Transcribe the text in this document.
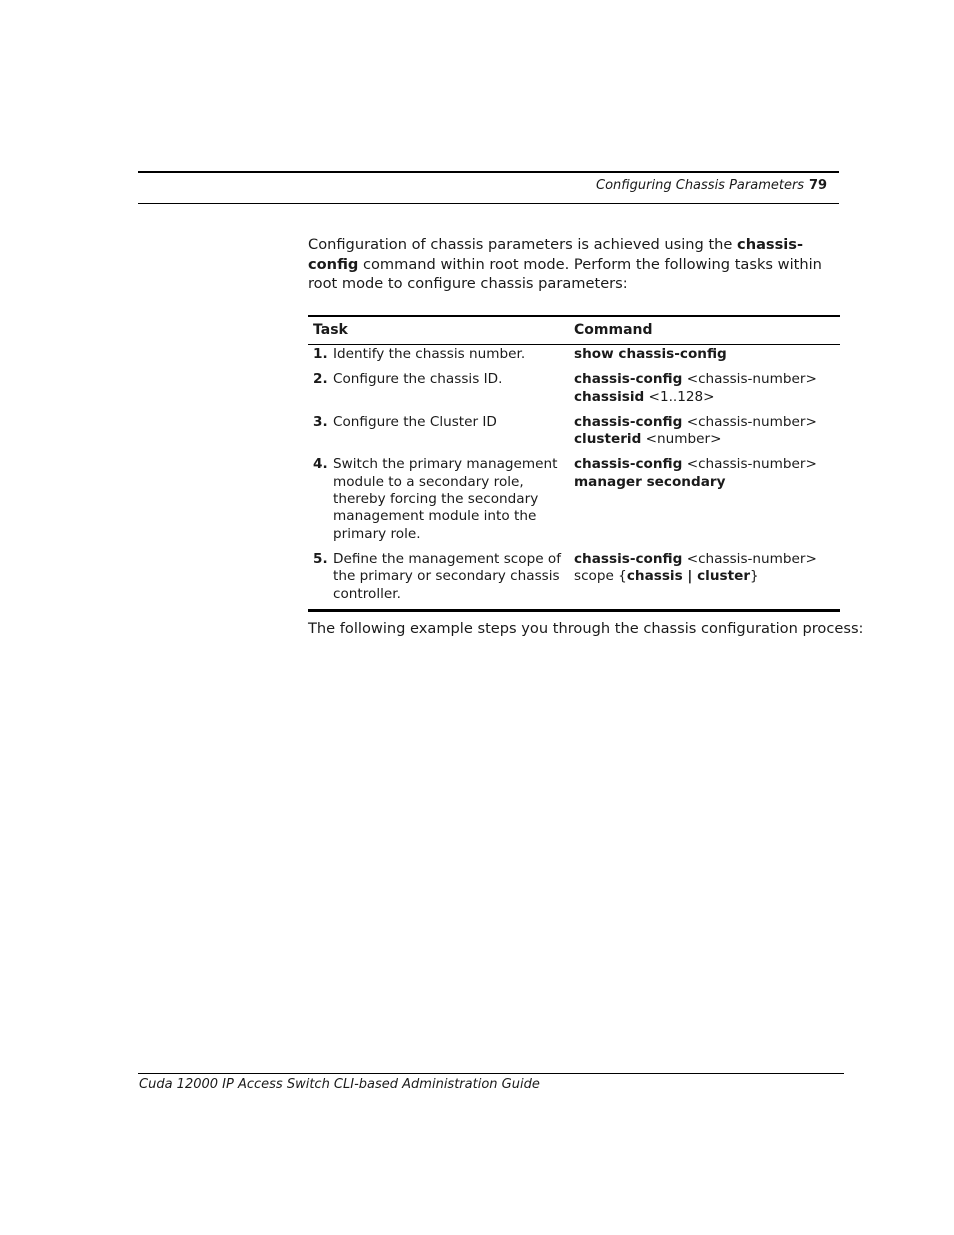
Configuring Chassis Parameters 79

Configuration of chassis parameters is achieved using the chassis-config command within root mode. Perform the following tasks within root mode to configure chassis parameters:

Task	Command

1. Identify the chassis number.	show chassis-config

2. Configure the chassis ID.	chassis-config <chassis-number>
chassisid <1..128>

3. Configure the Cluster ID	chassis-config <chassis-number>
clusterid <number>

4. Switch the primary management module to a secondary role, thereby forcing the secondary management module into the primary role.	chassis-config <chassis-number>
manager secondary

5. Define the management scope of the primary or secondary chassis controller.	chassis-config <chassis-number>
scope {chassis | cluster}

The following example steps you through the chassis configuration process:

Cuda 12000 IP Access Switch CLI-based Administration Guide
